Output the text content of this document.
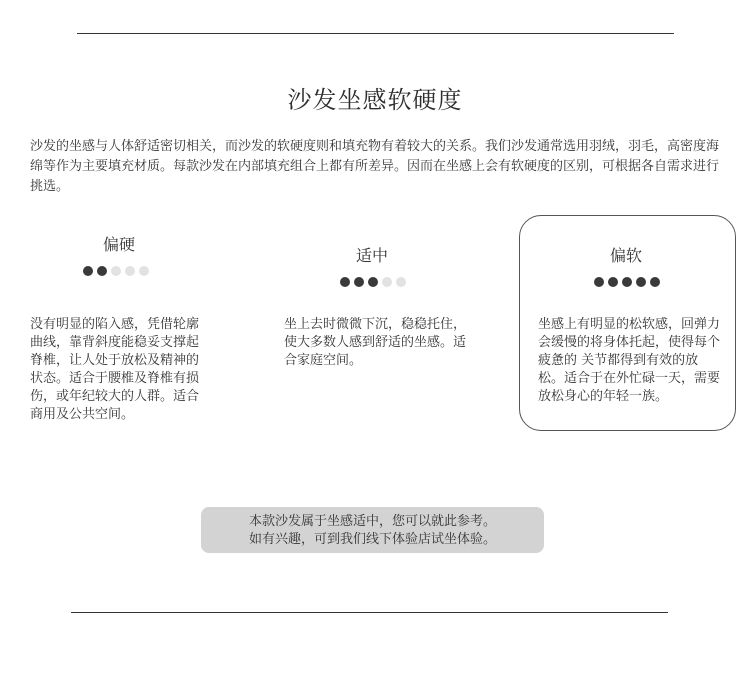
沙发坐感软硬度
沙发的坐感与人体舒适密切相关，而沙发的软硬度则和填充物有着较大的关系。我们沙发通常选用羽绒，羽毛，高密度海绵等作为主要填充材质。每款沙发在内部填充组合上都有所差异。因而在坐感上会有软硬度的区别，可根据各自需求进行挑选。
偏硬
没有明显的陷入感，凭借轮廓曲线，靠背斜度能稳妥支撑起脊椎，让人处于放松及精神的状态。适合于腰椎及脊椎有损伤，或年纪较大的人群。适合商用及公共空间。
适中
坐上去时微微下沉，稳稳托住，使大多数人感到舒适的坐感。适合家庭空间。
偏软
坐感上有明显的松软感，回弹力会缓慢的将身体托起，使得每个 疲惫的 关节都得到有效的放松。适合于在外忙碌一天，需要放松身心的年轻一族。
本款沙发属于坐感适中，您可以就此参考。
如有兴趣，可到我们线下体验店试坐体验。
